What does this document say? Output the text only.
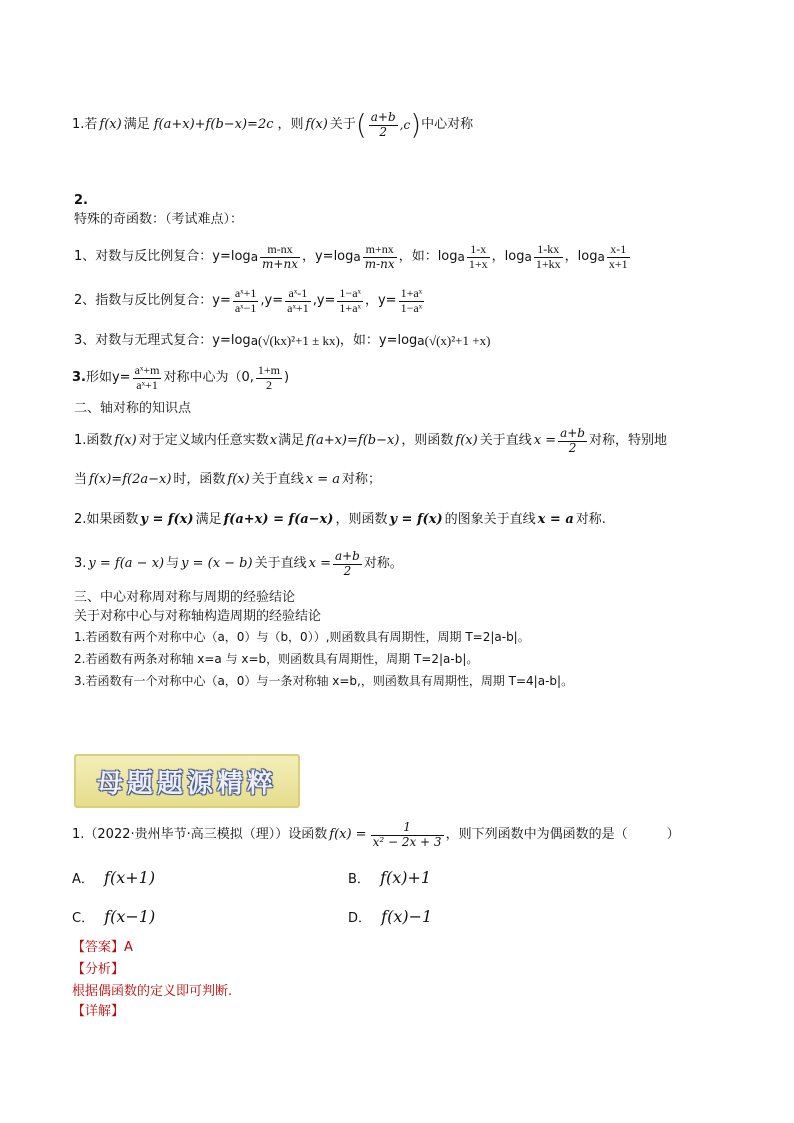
1. 若 f(x) 满足 f(a+x)+f(b−x)=2c ，则 f(x) 关于 ( $\frac{a+b}{2} ,c$ ) 中心对称
2.
特殊的奇函数：（考试难点）：
1、对数与反比例复合：y=log a $\frac{m-nx}{m+nx}$ ，y=log a $\frac{m+nx}{m-nx}$ ，如：log a $\frac{1-x}{1+x}$ ，log a $\frac{1-kx}{1+kx}$ ，log a $\frac{x-1}{x+1}$
2、指数与反比例复合：$y= \frac{\text{aˣ+1}}{\text{aˣ−1}} ,y= \frac{\text{aˣ-1}}{\text{aˣ+1}} ,y= \frac{\text{1−aˣ}}{\text{1+aˣ}}$ ，$y= \frac{\text{1+aˣ}}{\text{1−aˣ}}$
3、对数与无理式复合：y=log a (√(kx)²+1 ± kx) ，如：y=log a (√(x)²+1 +x)
3. 形如$y= \frac{\text{aˣ+m}}{\text{aˣ+1}}$ 对称中心为（0, $\frac{1+m}{2}$ )
二、轴对称的知识点
1.函数 f(x) 对于定义域内任意实数 x 满足 f(a+x)=f(b−x) ，则函数 f(x) 关于直线 $x = \frac{a+b}{2}$ 对称，特别地
当 f(x)=f(2a−x) 时，函数 f(x) 关于直线 x = a 对称；
2.如果函数 y = f(x) 满足 f(a+x) = f(a−x) ，则函数 y = f(x) 的图象关于直线 x = a 对称.
3. y = f(a − x) 与 y = (x − b) 关于直线 $x = \frac{a+b}{2}$ 对称。
三、中心对称周对称与周期的经验结论
关于对称中心与对称轴构造周期的经验结论
1.若函数有两个对称中心（a，0）与（b，0））,则函数具有周期性，周期 T=2|a-b|。
2.若函数有两条对称轴 x=a 与 x=b，则函数具有周期性，周期 T=2|a-b|。
3.若函数有一个对称中心（a，0）与一条对称轴 x=b,，则函数具有周期性，周期 T=4|a-b|。
母题题源精粹
1.（2022·贵州毕节·高三模拟（理））设函数 $f(x) = \frac{1}{\text{x² − 2x + 3}}$ ，则下列函数中为偶函数的是（　　　）
A． f(x+1)	B． f(x)+1
C． f(x−1)	D． f(x)−1
【答案】A
【分析】
根据偶函数的定义即可判断.
【详解】
